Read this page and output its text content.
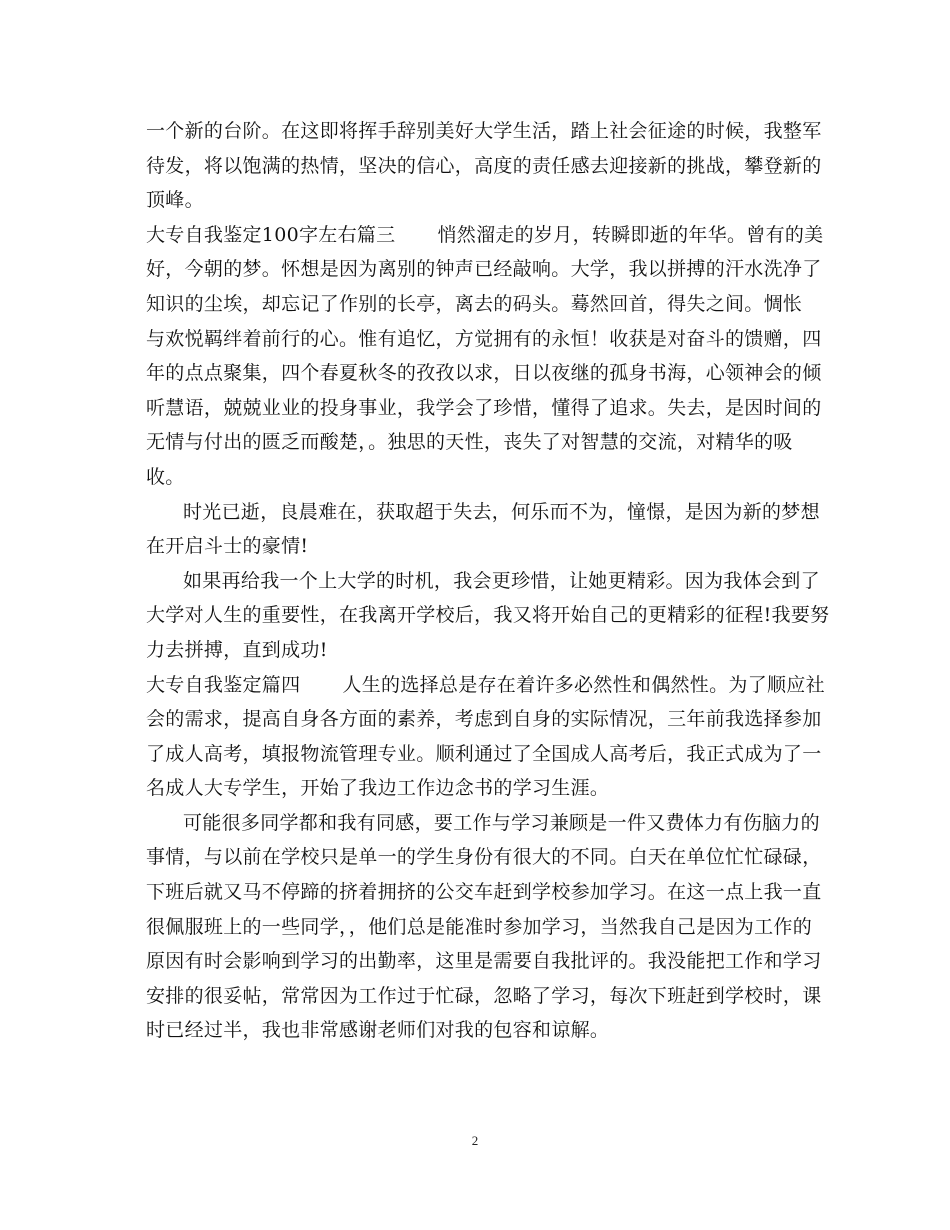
一个新的台阶。在这即将挥手辞别美好大学生活，踏上社会征途的时候，我整军
待发，将以饱满的热情，坚决的信心，高度的责任感去迎接新的挑战，攀登新的
顶峰。
大专自我鉴定100字左右篇三 悄然溜走的岁月，转瞬即逝的年华。曾有的美
好，今朝的梦。怀想是因为离别的钟声已经敲响。大学，我以拼搏的汗水洗净了
知识的尘埃，却忘记了作别的长亭，离去的码头。蓦然回首，得失之间。惆怅
与欢悦羁绊着前行的心。惟有追忆，方觉拥有的永恒！收获是对奋斗的馈赠，四
年的点点聚集，四个春夏秋冬的孜孜以求，日以夜继的孤身书海，心领神会的倾
听慧语，兢兢业业的投身事业，我学会了珍惜，懂得了追求。失去，是因时间的
无情与付出的匮乏而酸楚，。独思的天性，丧失了对智慧的交流，对精华的吸
收。
时光已逝，良晨难在，获取超于失去，何乐而不为，憧憬，是因为新的梦想
在开启斗士的豪情!
如果再给我一个上大学的时机，我会更珍惜，让她更精彩。因为我体会到了
大学对人生的重要性，在我离开学校后，我又将开始自己的更精彩的征程!我要努
力去拼搏，直到成功!
大专自我鉴定篇四 人生的选择总是存在着许多必然性和偶然性。为了顺应社
会的需求，提高自身各方面的素养，考虑到自身的实际情况，三年前我选择参加
了成人高考，填报物流管理专业。顺利通过了全国成人高考后，我正式成为了一
名成人大专学生，开始了我边工作边念书的学习生涯。
可能很多同学都和我有同感，要工作与学习兼顾是一件又费体力有伤脑力的
事情，与以前在学校只是单一的学生身份有很大的不同。白天在单位忙忙碌碌，
下班后就又马不停蹄的挤着拥挤的公交车赶到学校参加学习。在这一点上我一直
很佩服班上的一些同学，，他们总是能准时参加学习，当然我自己是因为工作的
原因有时会影响到学习的出勤率，这里是需要自我批评的。我没能把工作和学习
安排的很妥帖，常常因为工作过于忙碌，忽略了学习，每次下班赶到学校时，课
时已经过半，我也非常感谢老师们对我的包容和谅解。
2
